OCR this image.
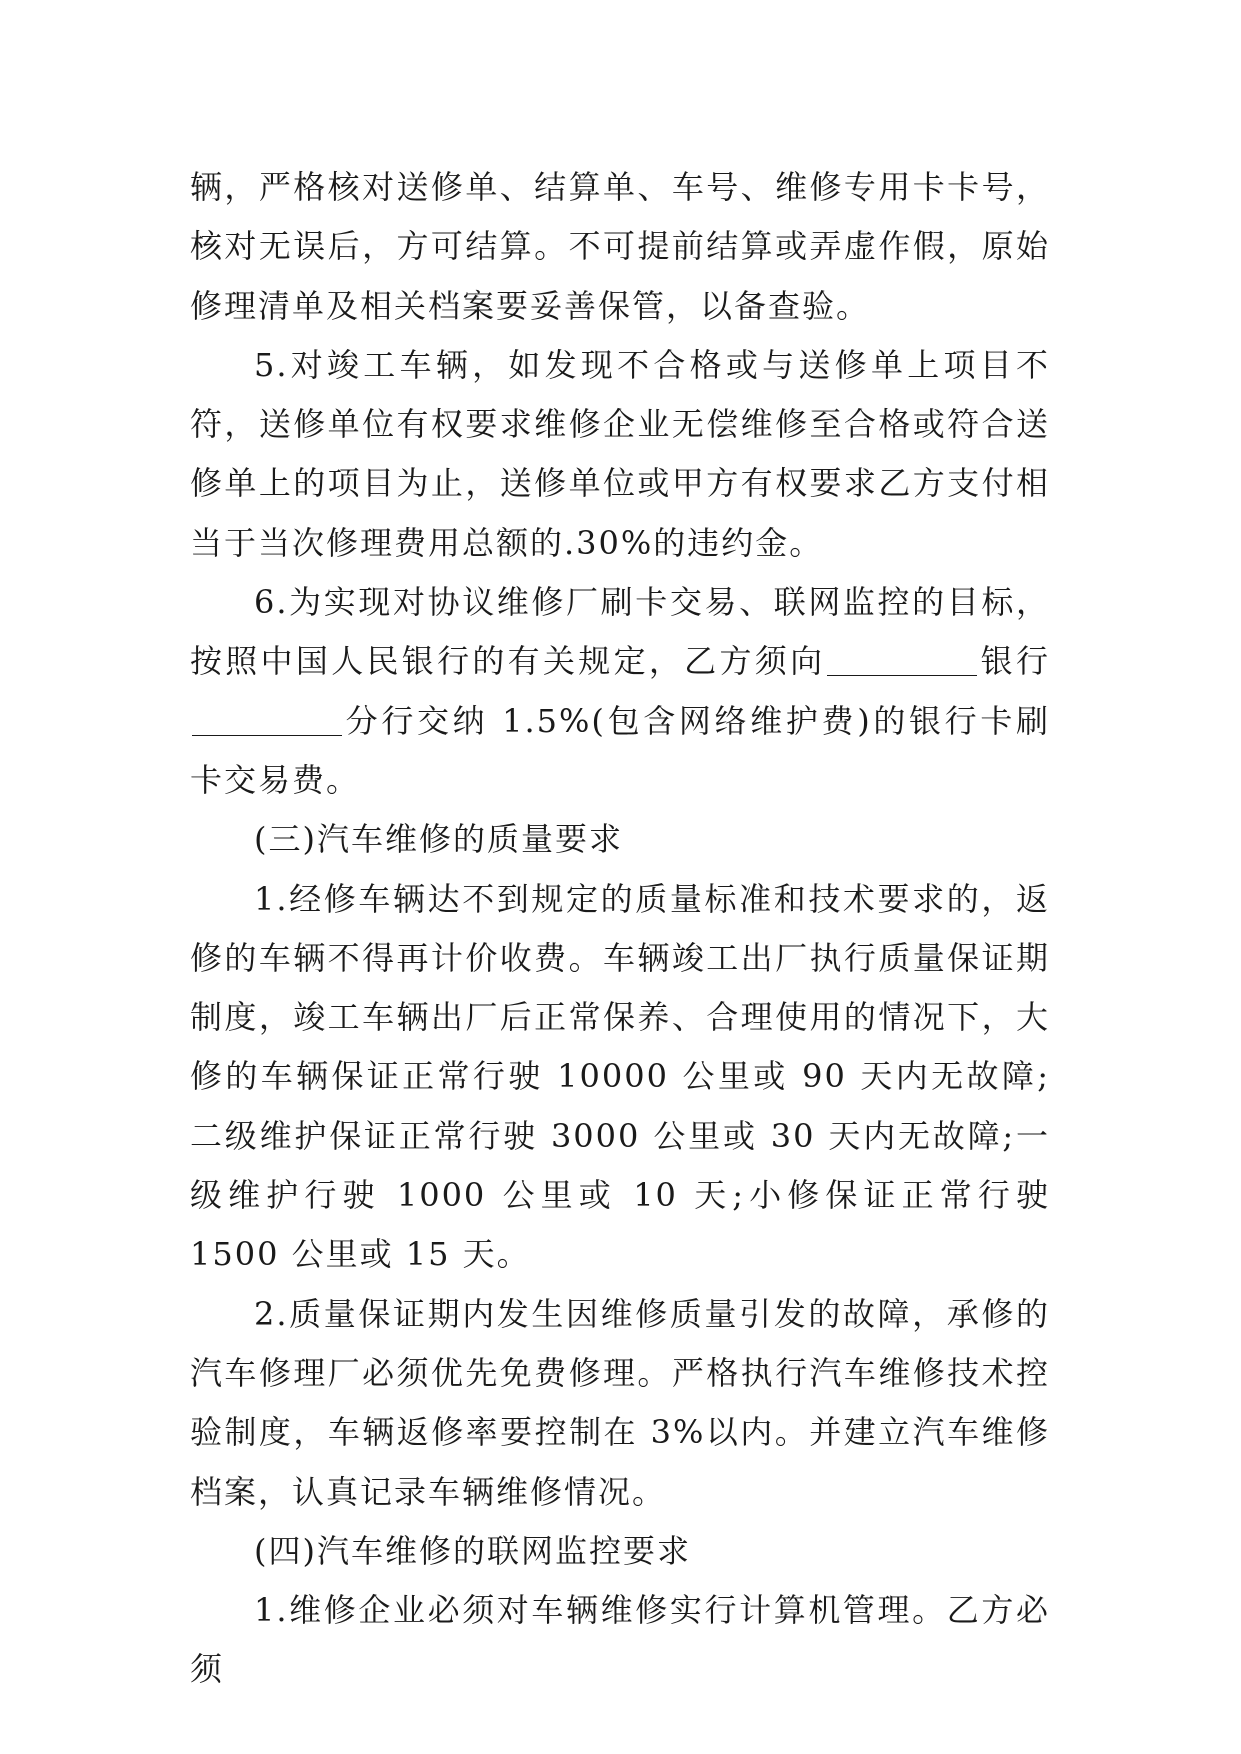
辆，严格核对送修单、结算单、车号、维修专用卡卡号，核对无误后，方可结算。不可提前结算或弄虚作假，原始修理清单及相关档案要妥善保管，以备查验。

5.对竣工车辆，如发现不合格或与送修单上项目不符，送修单位有权要求维修企业无偿维修至合格或符合送修单上的项目为止，送修单位或甲方有权要求乙方支付相当于当次修理费用总额的.30%的违约金。

6.为实现对协议维修厂刷卡交易、联网监控的目标，按照中国人民银行的有关规定，乙方须向	银行分行交纳 1.5%(包含网络维护费)的银行卡刷卡交易费。

(三)汽车维修的质量要求

1.经修车辆达不到规定的质量标准和技术要求的，返修的车辆不得再计价收费。车辆竣工出厂执行质量保证期制度，竣工车辆出厂后正常保养、合理使用的情况下，大修的车辆保证正常行驶 10000 公里或 90 天内无故障;二级维护保证正常行驶 3000 公里或 30 天内无故障;一级维护行驶 1000 公里或 10 天;小修保证正常行驶 1500 公里或 15 天。

2.质量保证期内发生因维修质量引发的故障，承修的汽车修理厂必须优先免费修理。严格执行汽车维修技术控验制度，车辆返修率要控制在 3%以内。并建立汽车维修档案，认真记录车辆维修情况。

(四)汽车维修的联网监控要求

1.维修企业必须对车辆维修实行计算机管理。乙方必须
